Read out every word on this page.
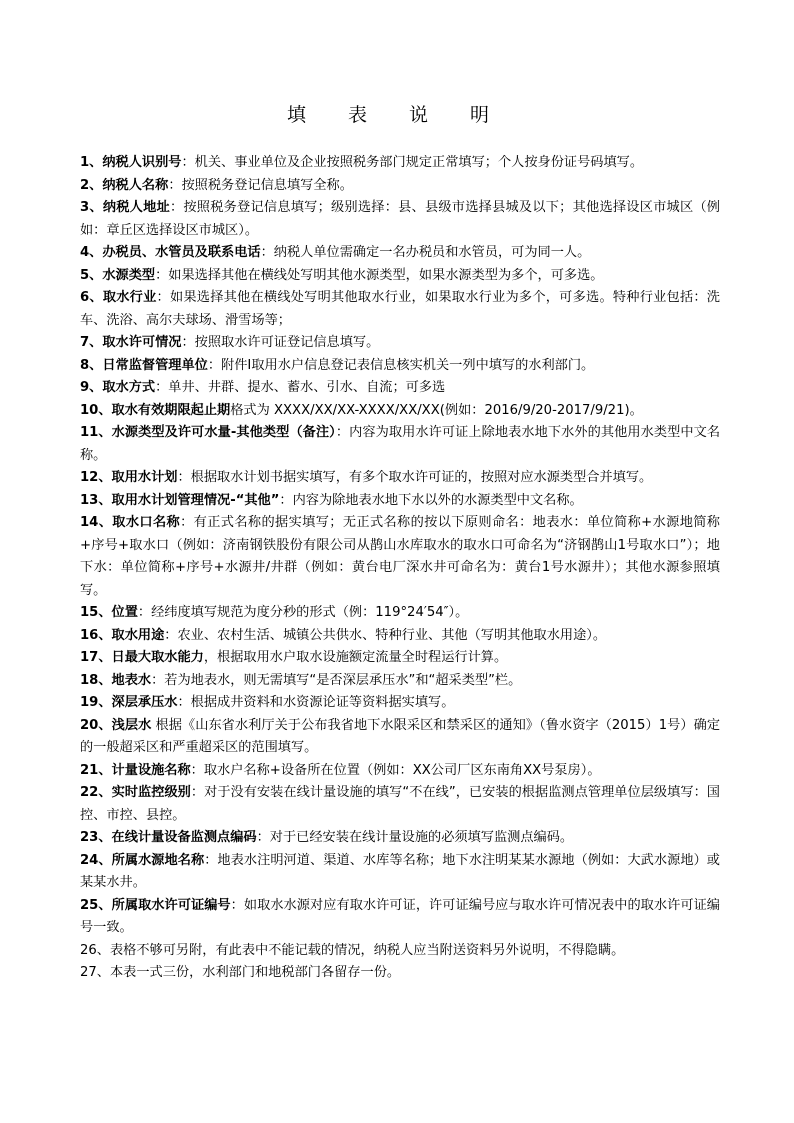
填 表 说 明

1、纳税人识别号：机关、事业单位及企业按照税务部门规定正常填写；个人按身份证号码填写。

2、纳税人名称：按照税务登记信息填写全称。

3、纳税人地址：按照税务登记信息填写；级别选择：县、县级市选择县城及以下；其他选择设区市城区（例如：章丘区选择设区市城区）。

4、办税员、水管员及联系电话：纳税人单位需确定一名办税员和水管员，可为同一人。

5、水源类型：如果选择其他在横线处写明其他水源类型，如果水源类型为多个，可多选。

6、取水行业：如果选择其他在横线处写明其他取水行业，如果取水行业为多个，可多选。特种行业包括：洗车、洗浴、高尔夫球场、滑雪场等；

7、取水许可情况：按照取水许可证登记信息填写。

8、日常监督管理单位：附件Ⅰ取用水户信息登记表信息核实机关一列中填写的水利部门。

9、取水方式：单井、井群、提水、蓄水、引水、自流；可多选

10、取水有效期限起止期格式为 XXXX/XX/XX-XXXX/XX/XX(例如：2016/9/20-2017/9/21)。

11、水源类型及许可水量-其他类型（备注）：内容为取用水许可证上除地表水地下水外的其他用水类型中文名称。

12、取用水计划：根据取水计划书据实填写，有多个取水许可证的，按照对应水源类型合并填写。

13、取用水计划管理情况-“其他”：内容为除地表水地下水以外的水源类型中文名称。

14、取水口名称：有正式名称的据实填写；无正式名称的按以下原则命名：地表水：单位简称+水源地简称+序号+取水口（例如：济南钢铁股份有限公司从鹊山水库取水的取水口可命名为“济钢鹊山1号取水口”）；地下水：单位简称+序号+水源井/井群（例如：黄台电厂深水井可命名为：黄台1号水源井）；其他水源参照填写。

15、位置：经纬度填写规范为度分秒的形式（例：119°24′54″）。

16、取水用途：农业、农村生活、城镇公共供水、特种行业、其他（写明其他取水用途）。

17、日最大取水能力，根据取用水户取水设施额定流量全时程运行计算。

18、地表水：若为地表水，则无需填写“是否深层承压水”和“超采类型”栏。

19、深层承压水：根据成井资料和水资源论证等资料据实填写。

20、浅层水 根据《山东省水利厅关于公布我省地下水限采区和禁采区的通知》（鲁水资字（2015）1号）确定的一般超采区和严重超采区的范围填写。

21、计量设施名称：取水户名称+设备所在位置（例如：XX公司厂区东南角XX号泵房）。

22、实时监控级别：对于没有安装在线计量设施的填写“不在线”，已安装的根据监测点管理单位层级填写：国控、市控、县控。

23、在线计量设备监测点编码：对于已经安装在线计量设施的必须填写监测点编码。

24、所属水源地名称：地表水注明河道、渠道、水库等名称；地下水注明某某水源地（例如：大武水源地）或某某水井。

25、所属取水许可证编号：如取水水源对应有取水许可证，许可证编号应与取水许可情况表中的取水许可证编号一致。

26、表格不够可另附，有此表中不能记载的情况，纳税人应当附送资料另外说明，不得隐瞒。

27、本表一式三份，水利部门和地税部门各留存一份。
